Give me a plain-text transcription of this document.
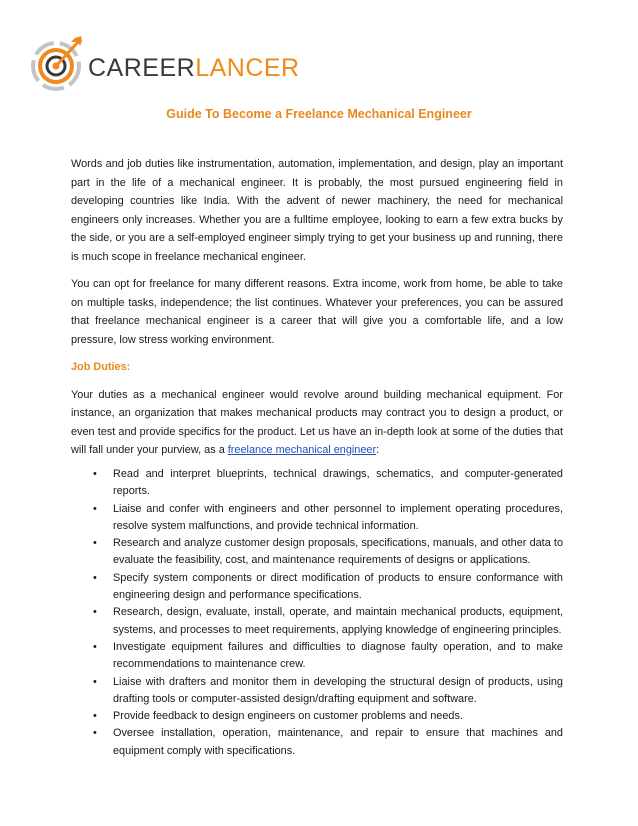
CAREERLANCER
Guide To Become a Freelance Mechanical Engineer

Words and job duties like instrumentation, automation, implementation, and design, play an important part in the life of a mechanical engineer. It is probably, the most pursued engineering field in developing countries like India. With the advent of newer machinery, the need for mechanical engineers only increases. Whether you are a fulltime employee, looking to earn a few extra bucks by the side, or you are a self-employed engineer simply trying to get your business up and running, there is much scope in freelance mechanical engineer.

You can opt for freelance for many different reasons. Extra income, work from home, be able to take on multiple tasks, independence; the list continues. Whatever your preferences, you can be assured that freelance mechanical engineer is a career that will give you a comfortable life, and a low pressure, low stress working environment.

Job Duties:

Your duties as a mechanical engineer would revolve around building mechanical equipment. For instance, an organization that makes mechanical products may contract you to design a product, or even test and provide specifics for the product. Let us have an in-depth look at some of the duties that will fall under your purview, as a freelance mechanical engineer:

• Read and interpret blueprints, technical drawings, schematics, and computer-generated reports.
• Liaise and confer with engineers and other personnel to implement operating procedures, resolve system malfunctions, and provide technical information.
• Research and analyze customer design proposals, specifications, manuals, and other data to evaluate the feasibility, cost, and maintenance requirements of designs or applications.
• Specify system components or direct modification of products to ensure conformance with engineering design and performance specifications.
• Research, design, evaluate, install, operate, and maintain mechanical products, equipment, systems, and processes to meet requirements, applying knowledge of engineering principles.
• Investigate equipment failures and difficulties to diagnose faulty operation, and to make recommendations to maintenance crew.
• Liaise with drafters and monitor them in developing the structural design of products, using drafting tools or computer-assisted design/drafting equipment and software.
• Provide feedback to design engineers on customer problems and needs.
• Oversee installation, operation, maintenance, and repair to ensure that machines and equipment comply with specifications.
